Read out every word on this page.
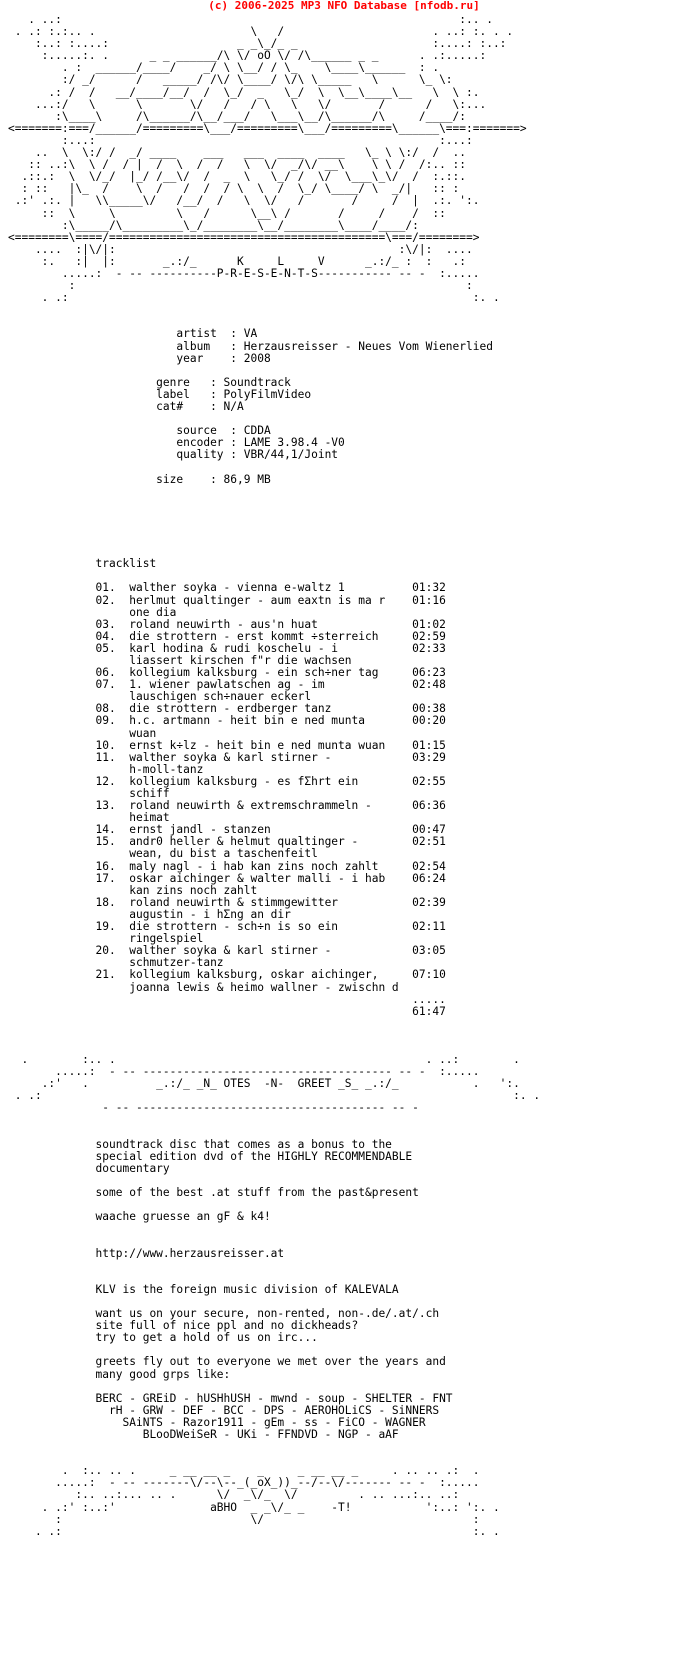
(c) 2006-2025 MP3 NFO Database [nfodb.ru]
. ..:                                                           :.. .
. .: :.:.. .                       \   /                      . ..: :. . .
:..: :....:                   _ _\_/_ _                    :....: :..:
:.....:. .      _ _ ______/\ \/ oO \/ /\______ _ _      . .:.....:
. :  ______/____/    _/ \ \__/ / \_    \____\______  : .
:/ _/      /   _____/ /\/ \____/ \/\ \_____   \      \_ \:
.: /  /   __/____/__/  /  \_/  _   \_/  \  \__\____\__   \  \ :.
...:/   \      \       \/   /   / \   \   \/       /      /   \:...
:\____\     /\______/\__/___/   \___\__/\______/\     /____/:
<=======:===/______/=========\___/=========\___/=========\______\===:=======>
:...:                                                   :...:
..  \  \:/ /  _/ ____    ___   ___  ____  ____   \_ \ \:/  /  ..
:: ..:\  \ /  / |  /  \  /  /   \  \/  _/\/ __\    \ \ /  /:.. ::
.::.:  \  \/_/  |_/ /__\/  /  _  \   \_/ /  \/  \___\_\/  /  :.::.
: ::   |\_  /    \  /   /  /  / \  \  /  \_/ \____/ \  _/|   :: :
.:' .:. |   \\_____\/   /__/  /   \  \/   /       /     /  |  .:. ':.
::  \     \         \   /      \__\ /       /     /    /  ::
:\_____/\_________\_/________\__/________\____/____/:
<========\====/=========================================\===/========>
....  :|\/|:                                          :\/|:  ....
:.   :|  |:       _.:/_      K     L     V      _.:/_ :  :   .:
.....:  - -- ----------P-R-E-S-E-N-T-S----------- -- -  :.....
:                                                          :
. .:                                                            :. .
artist  : VA
album   : Herzausreisser - Neues Vom Wienerlied
year    : 2008
genre   : Soundtrack
label   : PolyFilmVideo
cat#    : N/A
source  : CDDA
encoder : LAME 3.98.4 -V0
quality : VBR/44,1/Joint
size    : 86,9 MB
tracklist
01.  walther soyka - vienna e-waltz 1          01:32
02.  herlmut qualtinger - aum eaxtn is ma r    01:16
one dia
03.  roland neuwirth - aus'n huat              01:02
04.  die strottern - erst kommt ÷sterreich     02:59
05.  karl hodina & rudi koschelu - i           02:33
liassert kirschen f"r die wachsen
06.  kollegium kalksburg - ein sch÷ner tag     06:23
07.  1. wiener pawlatschen ag - im             02:48
lauschigen sch÷nauer eckerl
08.  die strottern - erdberger tanz            00:38
09.  h.c. artmann - heit bin e ned munta       00:20
wuan
10.  ernst k÷lz - heit bin e ned munta wuan    01:15
11.  walther soyka & karl stirner -            03:29
h-moll-tanz
12.  kollegium kalksburg - es fΣhrt ein        02:55
schiff
13.  roland neuwirth & extremschrammeln -      06:36
heimat
14.  ernst jandl - stanzen                     00:47
15.  andr0 heller & helmut qualtinger -        02:51
wean, du bist a taschenfeitl
16.  maly nagl - i hab kan zins noch zahlt     02:54
17.  oskar aichinger & walter malli - i hab    06:24
kan zins noch zahlt
18.  roland neuwirth & stimmgewitter           02:39
augustin - i hΣng an dir
19.  die strottern - sch÷n is so ein           02:11
ringelspiel
20.  walther soyka & karl stirner -            03:05
schmutzer-tanz
21.  kollegium kalksburg, oskar aichinger,     07:10
joanna lewis & heimo wallner - zwischn d
.....
61:47
.        :.. .                                              . ..:        .
.....:  - -- ------------------------------------- -- -  :.....
.:'   .          _.:/_ _N_ OTES  -N-  GREET _S_ _.:/_           .   ':.
. .:                                                                      :. .
- -- ------------------------------------- -- -
soundtrack disc that comes as a bonus to the
special edition dvd of the HIGHLY RECOMMENDABLE
documentary
some of the best .at stuff from the past&present
waache gruesse an gF & k4!
http://www.herzausreisser.at
KLV is the foreign music division of KALEVALA
want us on your secure, non-rented, non-.de/.at/.ch
site full of nice ppl and no dickheads?
try to get a hold of us on irc...
greets fly out to everyone we met over the years and
many good grps like:
BERC - GREiD - hUSHhUSH - mwnd - soup - SHELTER - FNT
rH - GRW - DEF - BCC - DPS - AEROHOLiCS - SiNNERS
SAiNTS - Razor1911 - gEm - ss - FiCO - WAGNER
BLooDWeiSeR - UKi - FFNDVD - NGP - aAF
.  :.. .. .     _ __ __ _    _     _ __ __ _     . .. .. .:  .
.....:  - -- -------\/--\--_(_oX_))_--/--\/------- -- -  :.....
:.. ..:... .. .      \/  _\/_  \/         . .. ...:.. ..:
. .:' :..:'              aBHO  _ _\/_ _    -T!           ':..: ':. .
:                            \/                               :
. .:                                                             :. .
